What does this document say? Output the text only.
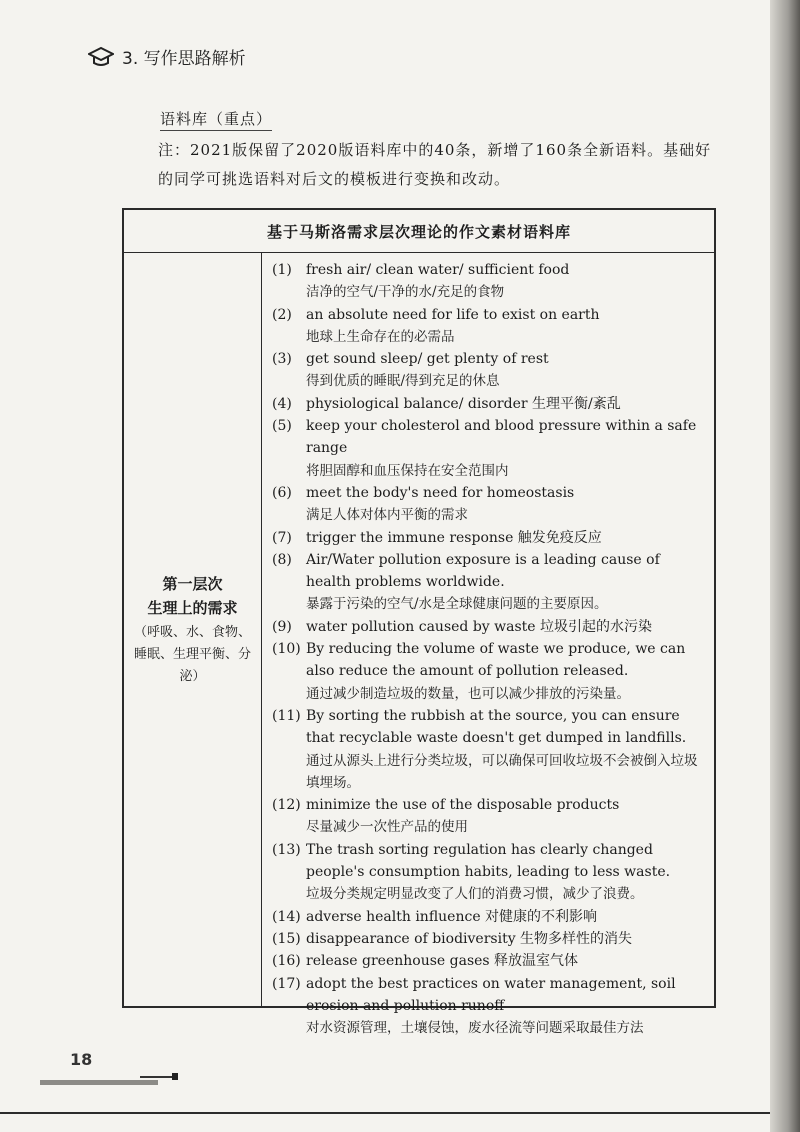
3. 写作思路解析
语料库（重点）
注：2021版保留了2020版语料库中的40条，新增了160条全新语料。基础好的同学可挑选语料对后文的模板进行变换和改动。
基于马斯洛需求层次理论的作文素材语料库
第一层次
生理上的需求
（呼吸、水、食物、睡眠、生理平衡、分泌）
(1)	fresh air/ clean water/ sufficient food
洁净的空气/干净的水/充足的食物
(2)	an absolute need for life to exist on earth
地球上生命存在的必需品
(3)	get sound sleep/ get plenty of rest
得到优质的睡眠/得到充足的休息
(4)	physiological balance/ disorder 生理平衡/紊乱
(5)	keep your cholesterol and blood pressure within a safe range
将胆固醇和血压保持在安全范围内
(6)	meet the body's need for homeostasis
满足人体对体内平衡的需求
(7)	trigger the immune response 触发免疫反应
(8)	Air/Water pollution exposure is a leading cause of health problems worldwide.
暴露于污染的空气/水是全球健康问题的主要原因。
(9)	water pollution caused by waste 垃圾引起的水污染
(10) By reducing the volume of waste we produce, we can also reduce the amount of pollution released.
通过减少制造垃圾的数量，也可以减少排放的污染量。
(11) By sorting the rubbish at the source, you can ensure that recyclable waste doesn't get dumped in landfills.
通过从源头上进行分类垃圾，可以确保可回收垃圾不会被倒入垃圾填埋场。
(12) minimize the use of the disposable products
尽量减少一次性产品的使用
(13) The trash sorting regulation has clearly changed people's consumption habits, leading to less waste.
垃圾分类规定明显改变了人们的消费习惯，减少了浪费。
(14) adverse health influence 对健康的不利影响
(15) disappearance of biodiversity 生物多样性的消失
(16) release greenhouse gases 释放温室气体
(17) adopt the best practices on water management, soil erosion and pollution runoff
对水资源管理，土壤侵蚀，废水径流等问题采取最佳方法
18
